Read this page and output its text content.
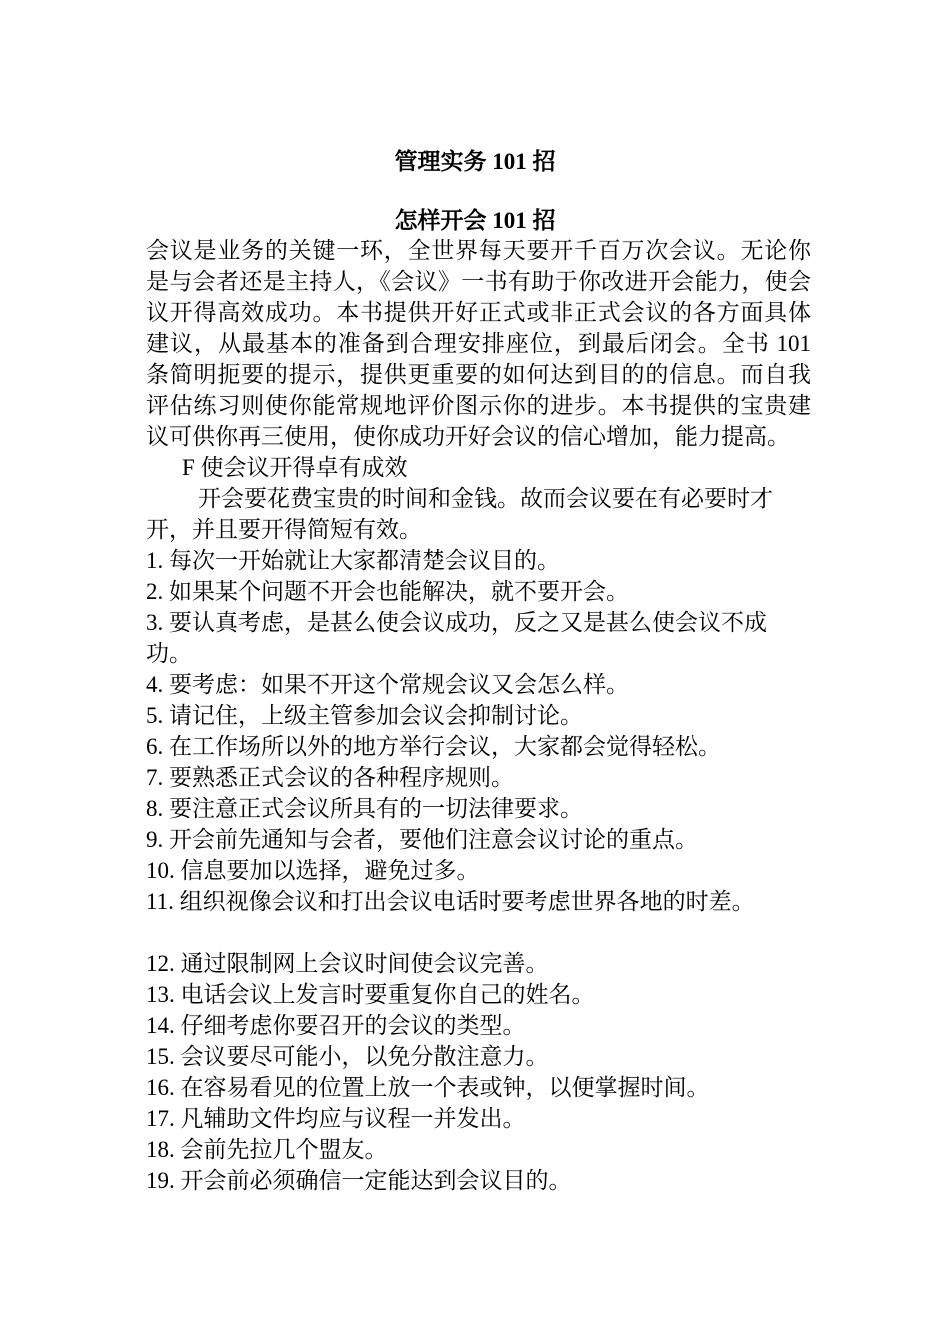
管理实务 101 招
怎样开会 101 招

会议是业务的关键一环，全世界每天要开千百万次会议。无论你是与会者还是主持人，《会议》一书有助于你改进开会能力，使会议开得高效成功。本书提供开好正式或非正式会议的各方面具体建议，从最基本的准备到合理安排座位，到最后闭会。全书 101 条简明扼要的提示，提供更重要的如何达到目的的信息。而自我评估练习则使你能常规地评价图示你的进步。本书提供的宝贵建议可供你再三使用，使你成功开好会议的信心增加，能力提高。

F 使会议开得卓有成效

开会要花费宝贵的时间和金钱。故而会议要在有必要时才开，并且要开得简短有效。

1. 每次一开始就让大家都清楚会议目的。
2. 如果某个问题不开会也能解决，就不要开会。
3. 要认真考虑，是甚么使会议成功，反之又是甚么使会议不成功。
4. 要考虑：如果不开这个常规会议又会怎么样。
5. 请记住，上级主管参加会议会抑制讨论。
6. 在工作场所以外的地方举行会议，大家都会觉得轻松。
7. 要熟悉正式会议的各种程序规则。
8. 要注意正式会议所具有的一切法律要求。
9. 开会前先通知与会者，要他们注意会议讨论的重点。
10. 信息要加以选择，避免过多。
11. 组织视像会议和打出会议电话时要考虑世界各地的时差。
12. 通过限制网上会议时间使会议完善。
13. 电话会议上发言时要重复你自己的姓名。
14. 仔细考虑你要召开的会议的类型。
15. 会议要尽可能小，以免分散注意力。
16. 在容易看见的位置上放一个表或钟，以便掌握时间。
17. 凡辅助文件均应与议程一并发出。
18. 会前先拉几个盟友。
19. 开会前必须确信一定能达到会议目的。
